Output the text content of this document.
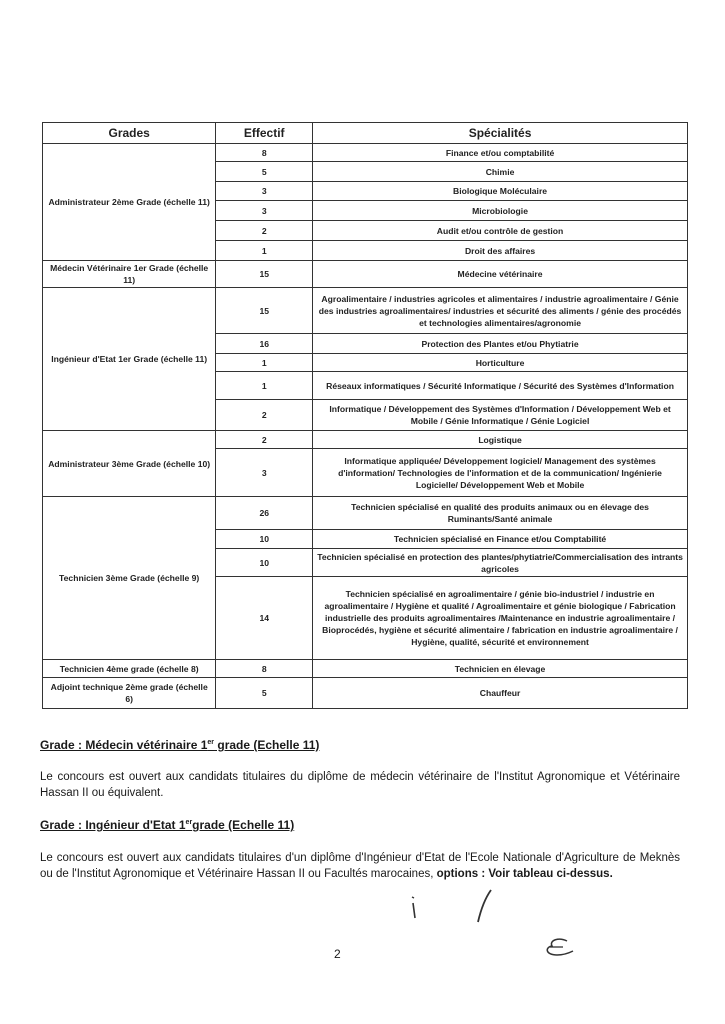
Grades	Effectif	Spécialités
Administrateur 2ème Grade (échelle 11)	8	Finance et/ou comptabilité
	5	Chimie
	3	Biologique Moléculaire
	3	Microbiologie
	2	Audit et/ou contrôle de gestion
	1	Droit des affaires
Médecin Vétérinaire 1er Grade (échelle 11)	15	Médecine vétérinaire
Ingénieur d'Etat 1er Grade (échelle 11)	15	Agroalimentaire / industries agricoles et alimentaires / industrie agroalimentaire / Génie des industries agroalimentaires/ industries et sécurité des aliments / génie des procédés et technologies alimentaires/agronomie
	16	Protection des Plantes et/ou Phytiatrie
	1	Horticulture
	1	Réseaux informatiques / Sécurité Informatique / Sécurité des Systèmes d'Information
	2	Informatique / Développement des Systèmes d'Information / Développement Web et Mobile / Génie Informatique / Génie Logiciel
Administrateur 3ème Grade (échelle 10)	2	Logistique
	3	Informatique appliquée/ Développement logiciel/ Management des systèmes d'information/ Technologies de l'information et de la communication/ Ingénierie Logicielle/ Développement Web et Mobile
Technicien 3ème Grade (échelle 9)	26	Technicien spécialisé en qualité des produits animaux ou en élevage des Ruminants/Santé animale
	10	Technicien spécialisé en Finance et/ou Comptabilité
	10	Technicien spécialisé en protection des plantes/phytiatrie/Commercialisation des intrants agricoles
	14	Technicien spécialisé en agroalimentaire / génie bio-industriel / industrie en agroalimentaire / Hygiène et qualité / Agroalimentaire et génie biologique / Fabrication industrielle des produits agroalimentaires /Maintenance en industrie agroalimentaire / Bioprocédés, hygiène et sécurité alimentaire / fabrication en industrie agroalimentaire / Hygiène, qualité, sécurité et environnement
Technicien 4ème grade (échelle 8)	8	Technicien en élevage
Adjoint technique 2ème grade (échelle 6)	5	Chauffeur
Grade : Médecin vétérinaire 1er grade (Echelle 11)
Le concours est ouvert aux candidats titulaires du diplôme de médecin vétérinaire de l'Institut Agronomique et Vétérinaire Hassan II ou équivalent.
Grade : Ingénieur d'Etat 1ergrade (Echelle 11)
Le concours est ouvert aux candidats titulaires d'un diplôme d'Ingénieur d'Etat de l'Ecole Nationale d'Agriculture de Meknès ou de l'Institut Agronomique et Vétérinaire Hassan II ou Facultés marocaines, options : Voir tableau ci-dessus.
2
